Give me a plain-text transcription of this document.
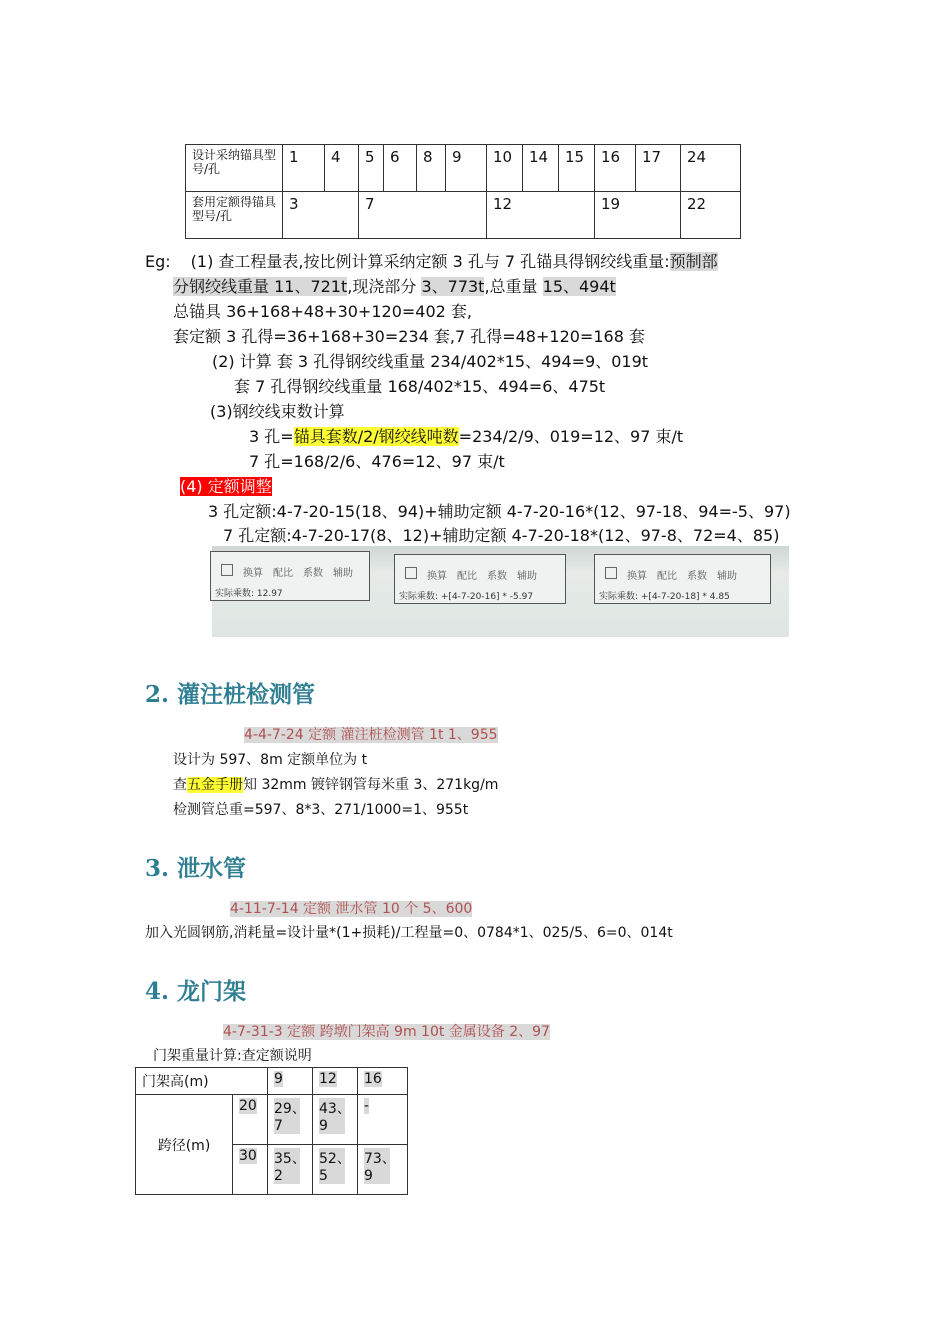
设计采纳锚具型号/孔	1	4	5	6	8	9	10	14	15	16	17	24
套用定额得锚具型号/孔	3		7				12			19		22
Eg: (1) 查工程量表,按比例计算采纳定额 3 孔与 7 孔锚具得钢绞线重量:预制部
分钢绞线重量 11、721t,现浇部分 3、773t,总重量 15、494t
总锚具 36+168+48+30+120=402 套,
套定额 3 孔得=36+168+30=234 套,7 孔得=48+120=168 套
(2) 计算 套 3 孔得钢绞线重量 234/402*15、494=9、019t
套 7 孔得钢绞线重量 168/402*15、494=6、475t
(3)钢绞线束数计算
3 孔=锚具套数/2/钢绞线吨数=234/2/9、019=12、97 束/t
7 孔=168/2/6、476=12、97 束/t
(4) 定额调整
3 孔定额:4-7-20-15(18、94)+辅助定额 4-7-20-16*(12、97-18、94=-5、97)
7 孔定额:4-7-20-17(8、12)+辅助定额 4-7-20-18*(12、97-8、72=4、85)
换算 配比 系数 辅助
实际乘数: 12.97
换算 配比 系数 辅助
实际乘数: +[4-7-20-16] * -5.97
换算 配比 系数 辅助
实际乘数: +[4-7-20-18] * 4.85
2. 灌注桩检测管
4-4-7-24 定额 灌注桩检测管 1t 1、955
设计为 597、8m 定额单位为 t
查五金手册知 32mm 镀锌钢管每米重 3、271kg/m
检测管总重=597、8*3、271/1000=1、955t
3. 泄水管
4-11-7-14 定额 泄水管 10 个 5、600
加入光圆钢筋,消耗量=设计量*(1+损耗)/工程量=0、0784*1、025/5、6=0、014t
4. 龙门架
4-7-31-3 定额 跨墩门架高 9m 10t 金属设备 2、97
门架重量计算:查定额说明
门架高(m)		9	12	16
跨径(m)	20	29、7	43、9	-
	30	35、2	52、5	73、9
